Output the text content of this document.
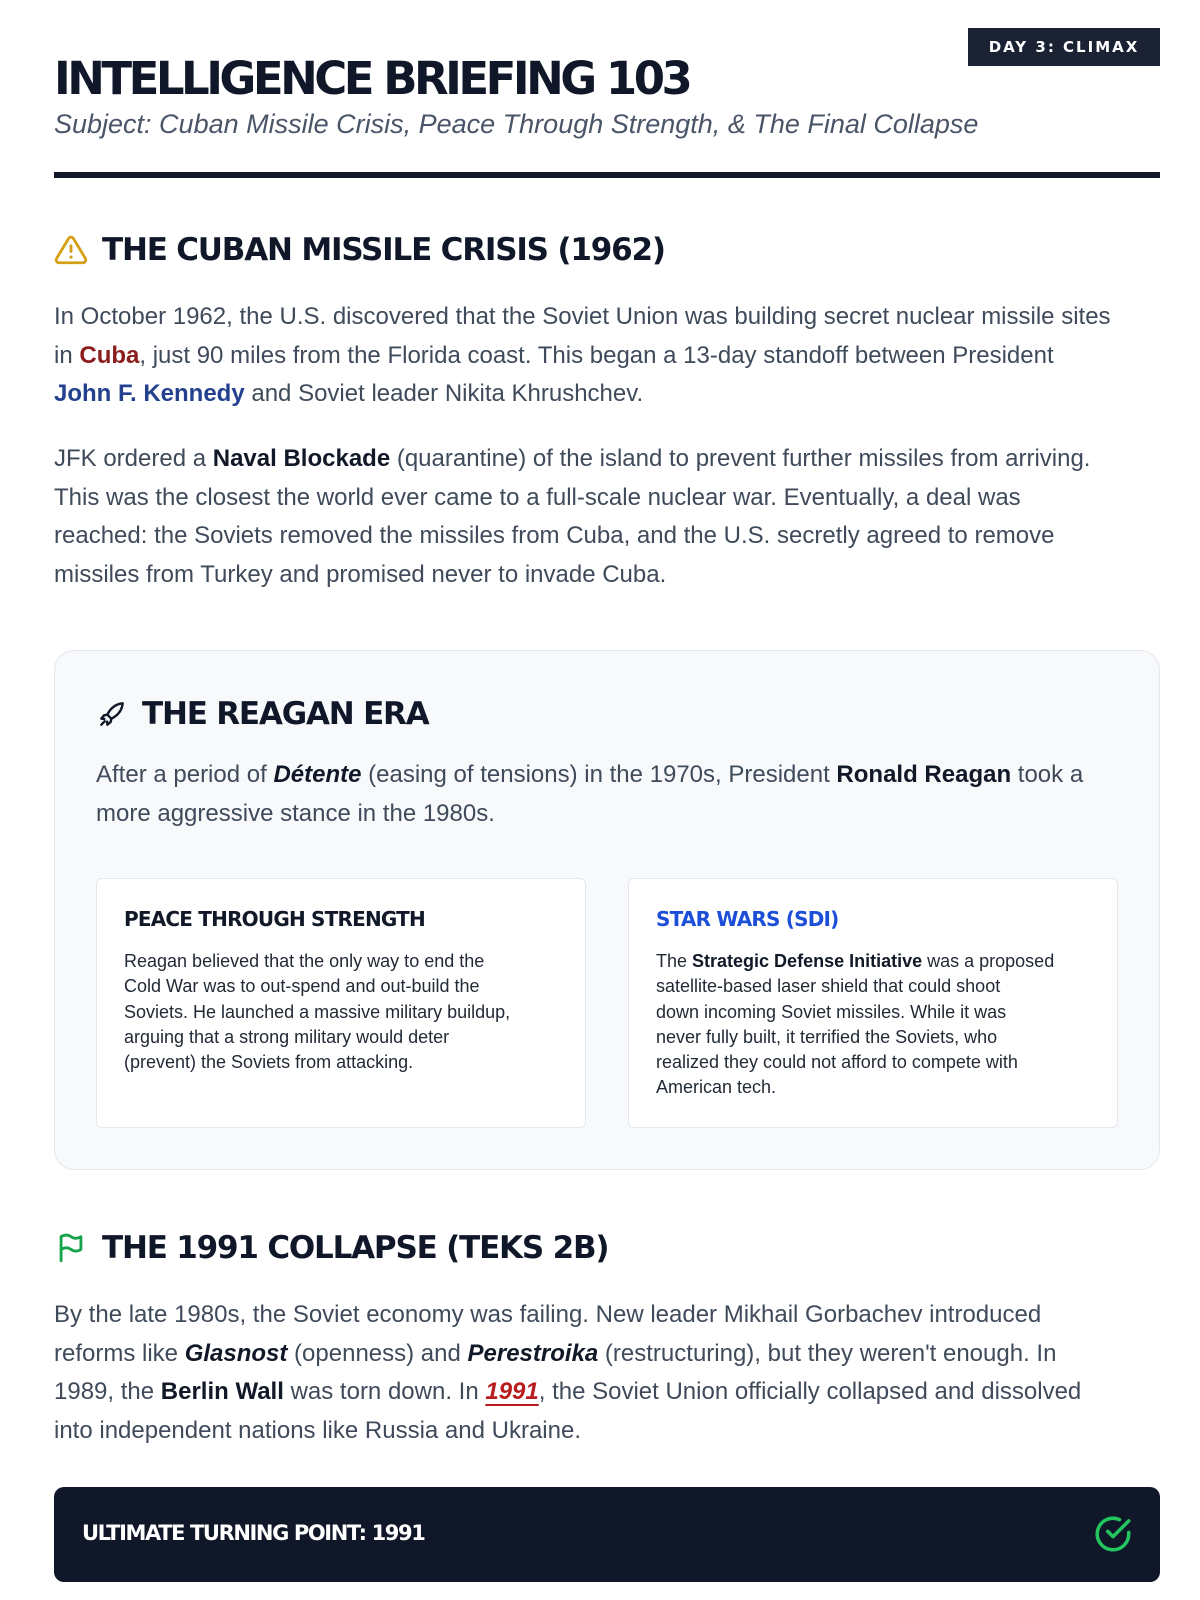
DAY 3: CLIMAX
INTELLIGENCE BRIEFING 103
Subject: Cuban Missile Crisis, Peace Through Strength, & The Final Collapse
THE CUBAN MISSILE CRISIS (1962)
In October 1962, the U.S. discovered that the Soviet Union was building secret nuclear missile sites
in Cuba, just 90 miles from the Florida coast. This began a 13-day standoff between President
John F. Kennedy and Soviet leader Nikita Khrushchev.
JFK ordered a Naval Blockade (quarantine) of the island to prevent further missiles from arriving.
This was the closest the world ever came to a full-scale nuclear war. Eventually, a deal was
reached: the Soviets removed the missiles from Cuba, and the U.S. secretly agreed to remove
missiles from Turkey and promised never to invade Cuba.
THE REAGAN ERA
After a period of Détente (easing of tensions) in the 1970s, President Ronald Reagan took a
more aggressive stance in the 1980s.
PEACE THROUGH STRENGTH
Reagan believed that the only way to end the
Cold War was to out-spend and out-build the
Soviets. He launched a massive military buildup,
arguing that a strong military would deter
(prevent) the Soviets from attacking.
STAR WARS (SDI)
The Strategic Defense Initiative was a proposed
satellite-based laser shield that could shoot
down incoming Soviet missiles. While it was
never fully built, it terrified the Soviets, who
realized they could not afford to compete with
American tech.
THE 1991 COLLAPSE (TEKS 2B)
By the late 1980s, the Soviet economy was failing. New leader Mikhail Gorbachev introduced
reforms like Glasnost (openness) and Perestroika (restructuring), but they weren't enough. In
1989, the Berlin Wall was torn down. In 1991, the Soviet Union officially collapsed and dissolved
into independent nations like Russia and Ukraine.
ULTIMATE TURNING POINT: 1991
